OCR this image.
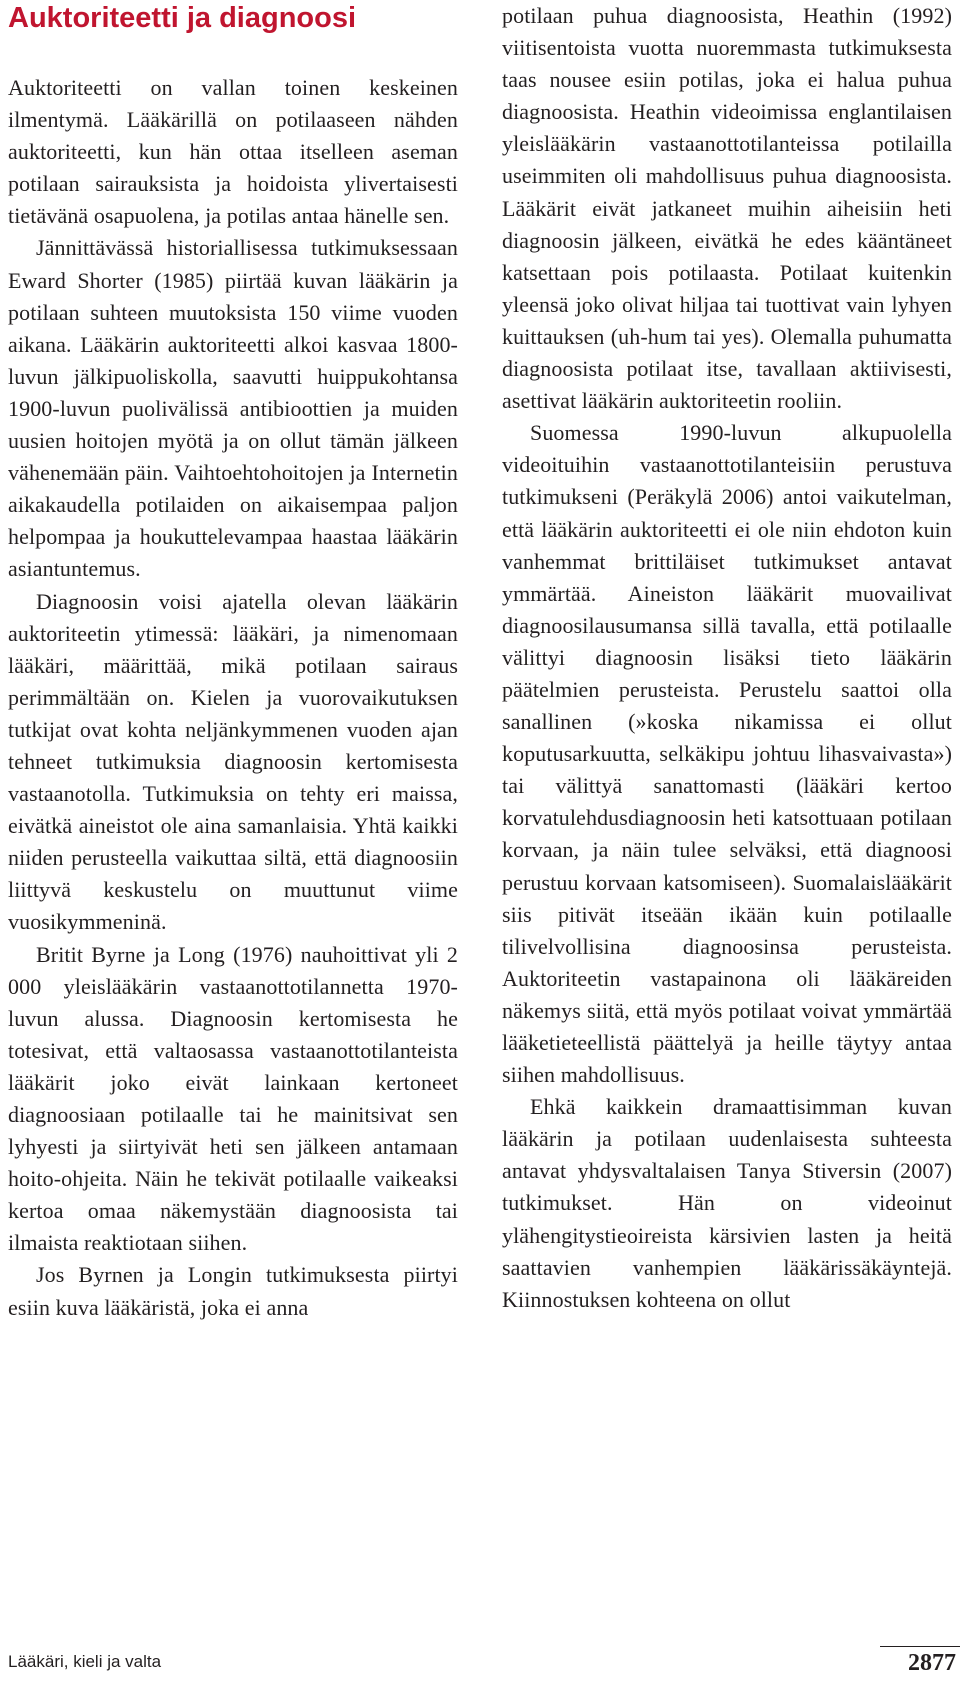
Auktoriteetti ja diagnoosi

Auktoriteetti on vallan toinen keskeinen ilmentymä. Lääkärillä on potilaaseen nähden auktoriteetti, kun hän ottaa itselleen aseman potilaan sairauksista ja hoidoista ylivertaisesti tietävänä osapuolena, ja potilas antaa hänelle sen.

Jännittävässä historiallisessa tutkimuksessaan Eward Shorter (1985) piirtää kuvan lääkärin ja potilaan suhteen muutoksista 150 viime vuoden aikana. Lääkärin auktoriteetti alkoi kasvaa 1800-luvun jälkipuoliskolla, saavutti huippukohtansa 1900-luvun puolivälissä antibioottien ja muiden uusien hoitojen myötä ja on ollut tämän jälkeen vähenemään päin. Vaihtoehtohoitojen ja Internetin aikakaudella potilaiden on aikaisempaa paljon helpompaa ja houkuttelevampaa haastaa lääkärin asiantuntemus.

Diagnoosin voisi ajatella olevan lääkärin auktoriteetin ytimessä: lääkäri, ja nimenomaan lääkäri, määrittää, mikä potilaan sairaus perimmältään on. Kielen ja vuorovaikutuksen tutkijat ovat kohta neljänkymmenen vuoden ajan tehneet tutkimuksia diagnoosin kertomisesta vastaanotolla. Tutkimuksia on tehty eri maissa, eivätkä aineistot ole aina samanlaisia. Yhtä kaikki niiden perusteella vaikuttaa siltä, että diagnoosiin liittyvä keskustelu on muuttunut viime vuosikymmeninä.

Britit Byrne ja Long (1976) nauhoittivat yli 2 000 yleislääkärin vastaanottotilannetta 1970-luvun alussa. Diagnoosin kertomisesta he totesivat, että valtaosassa vastaanottotilanteista lääkärit joko eivät lainkaan kertoneet diagnoosiaan potilaalle tai he mainitsivat sen lyhyesti ja siirtyivät heti sen jälkeen antamaan hoito-ohjeita. Näin he tekivät potilaalle vaikeaksi kertoa omaa näkemystään diagnoosista tai ilmaista reaktiotaan siihen.

Jos Byrnen ja Longin tutkimuksesta piirtyi esiin kuva lääkäristä, joka ei anna

potilaan puhua diagnoosista, Heathin (1992) viitisentoista vuotta nuoremmasta tutkimuksesta taas nousee esiin potilas, joka ei halua puhua diagnoosista. Heathin videoimissa englantilaisen yleislääkärin vastaanottotilanteissa potilailla useimmiten oli mahdollisuus puhua diagnoosista. Lääkärit eivät jatkaneet muihin aiheisiin heti diagnoosin jälkeen, eivätkä he edes kääntäneet katsettaan pois potilaasta. Potilaat kuitenkin yleensä joko olivat hiljaa tai tuottivat vain lyhyen kuittauksen (uh-hum tai yes). Olemalla puhumatta diagnoosista potilaat itse, tavallaan aktiivisesti, asettivat lääkärin auktoriteetin rooliin.

Suomessa 1990-luvun alkupuolella videoituihin vastaanottotilanteisiin perustuva tutkimukseni (Peräkylä 2006) antoi vaikutelman, että lääkärin auktoriteetti ei ole niin ehdoton kuin vanhemmat brittiläiset tutkimukset antavat ymmärtää. Aineiston lääkärit muovailivat diagnoosilausumansa sillä tavalla, että potilaalle välittyi diagnoosin lisäksi tieto lääkärin päätelmien perusteista. Perustelu saattoi olla sanallinen (»koska nikamissa ei ollut koputusarkuutta, selkäkipu johtuu lihasvaivasta») tai välittyä sanattomasti (lääkäri kertoo korvatulehdusdiagnoosin heti katsottuaan potilaan korvaan, ja näin tulee selväksi, että diagnoosi perustuu korvaan katsomiseen). Suomalaislääkärit siis pitivät itseään ikään kuin potilaalle tilivelvollisina diagnoosinsa perusteista. Auktoriteetin vastapainona oli lääkäreiden näkemys siitä, että myös potilaat voivat ymmärtää lääketieteellistä päättelyä ja heille täytyy antaa siihen mahdollisuus.

Ehkä kaikkein dramaattisimman kuvan lääkärin ja potilaan uudenlaisesta suhteesta antavat yhdysvaltalaisen Tanya Stiversin (2007) tutkimukset. Hän on videoinut ylähengitystieoireista kärsivien lasten ja heitä saattavien vanhempien lääkärissäkäyntejä. Kiinnostuksen kohteena on ollut

Lääkäri, kieli ja valta	2877
